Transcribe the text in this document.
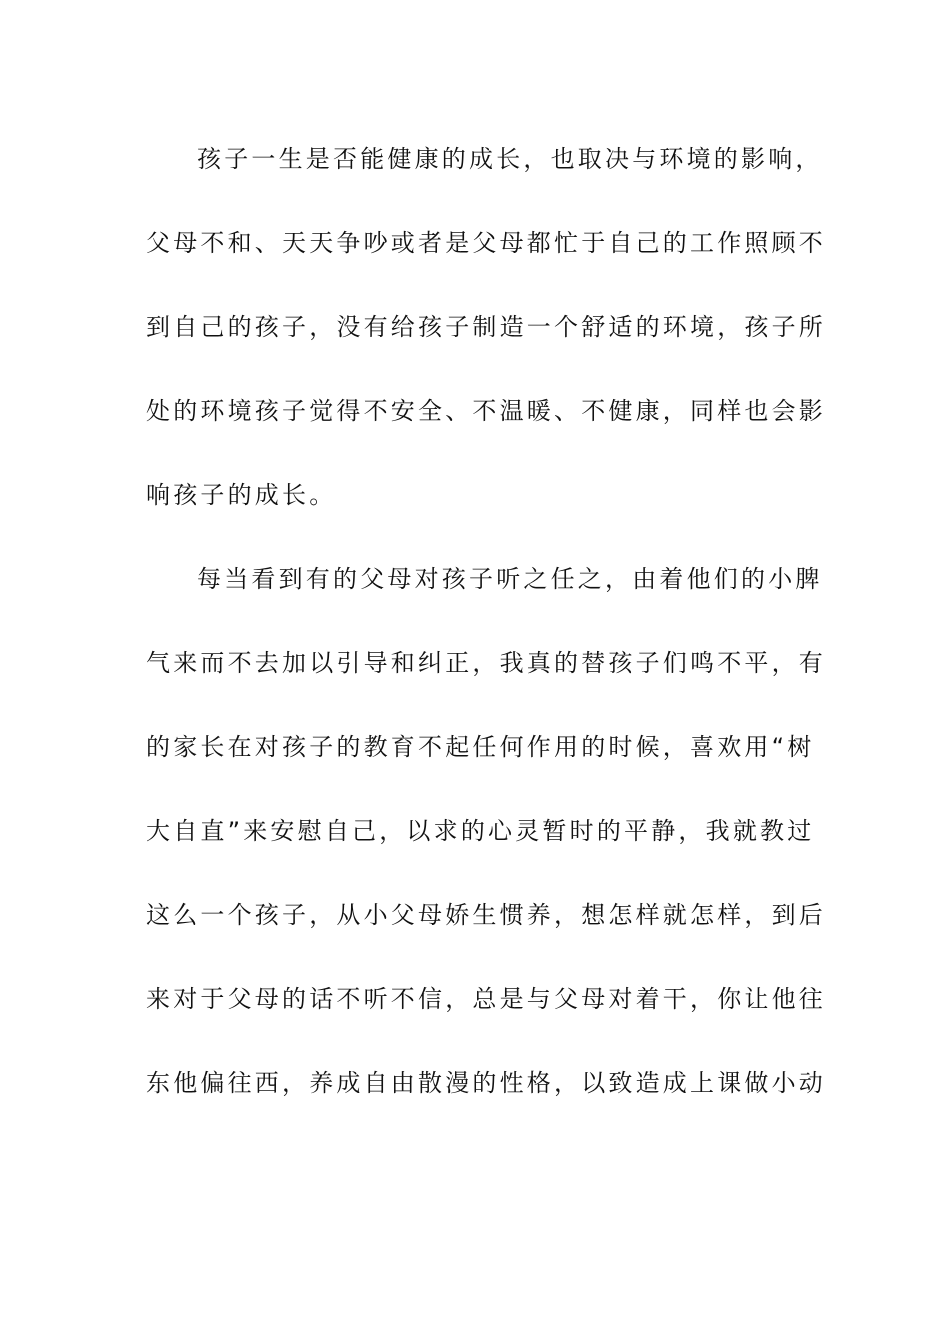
孩子一生是否能健康的成长，也取决与环境的影响，
父母不和、天天争吵或者是父母都忙于自己的工作照顾不
到自己的孩子，没有给孩子制造一个舒适的环境，孩子所
处的环境孩子觉得不安全、不温暖、不健康，同样也会影
响孩子的成长。
每当看到有的父母对孩子听之任之，由着他们的小脾
气来而不去加以引导和纠正，我真的替孩子们鸣不平，有
的家长在对孩子的教育不起任何作用的时候，喜欢用“树
大自直”来安慰自己，以求的心灵暂时的平静，我就教过
这么一个孩子，从小父母娇生惯养，想怎样就怎样，到后
来对于父母的话不听不信，总是与父母对着干，你让他往
东他偏往西，养成自由散漫的性格，以致造成上课做小动
